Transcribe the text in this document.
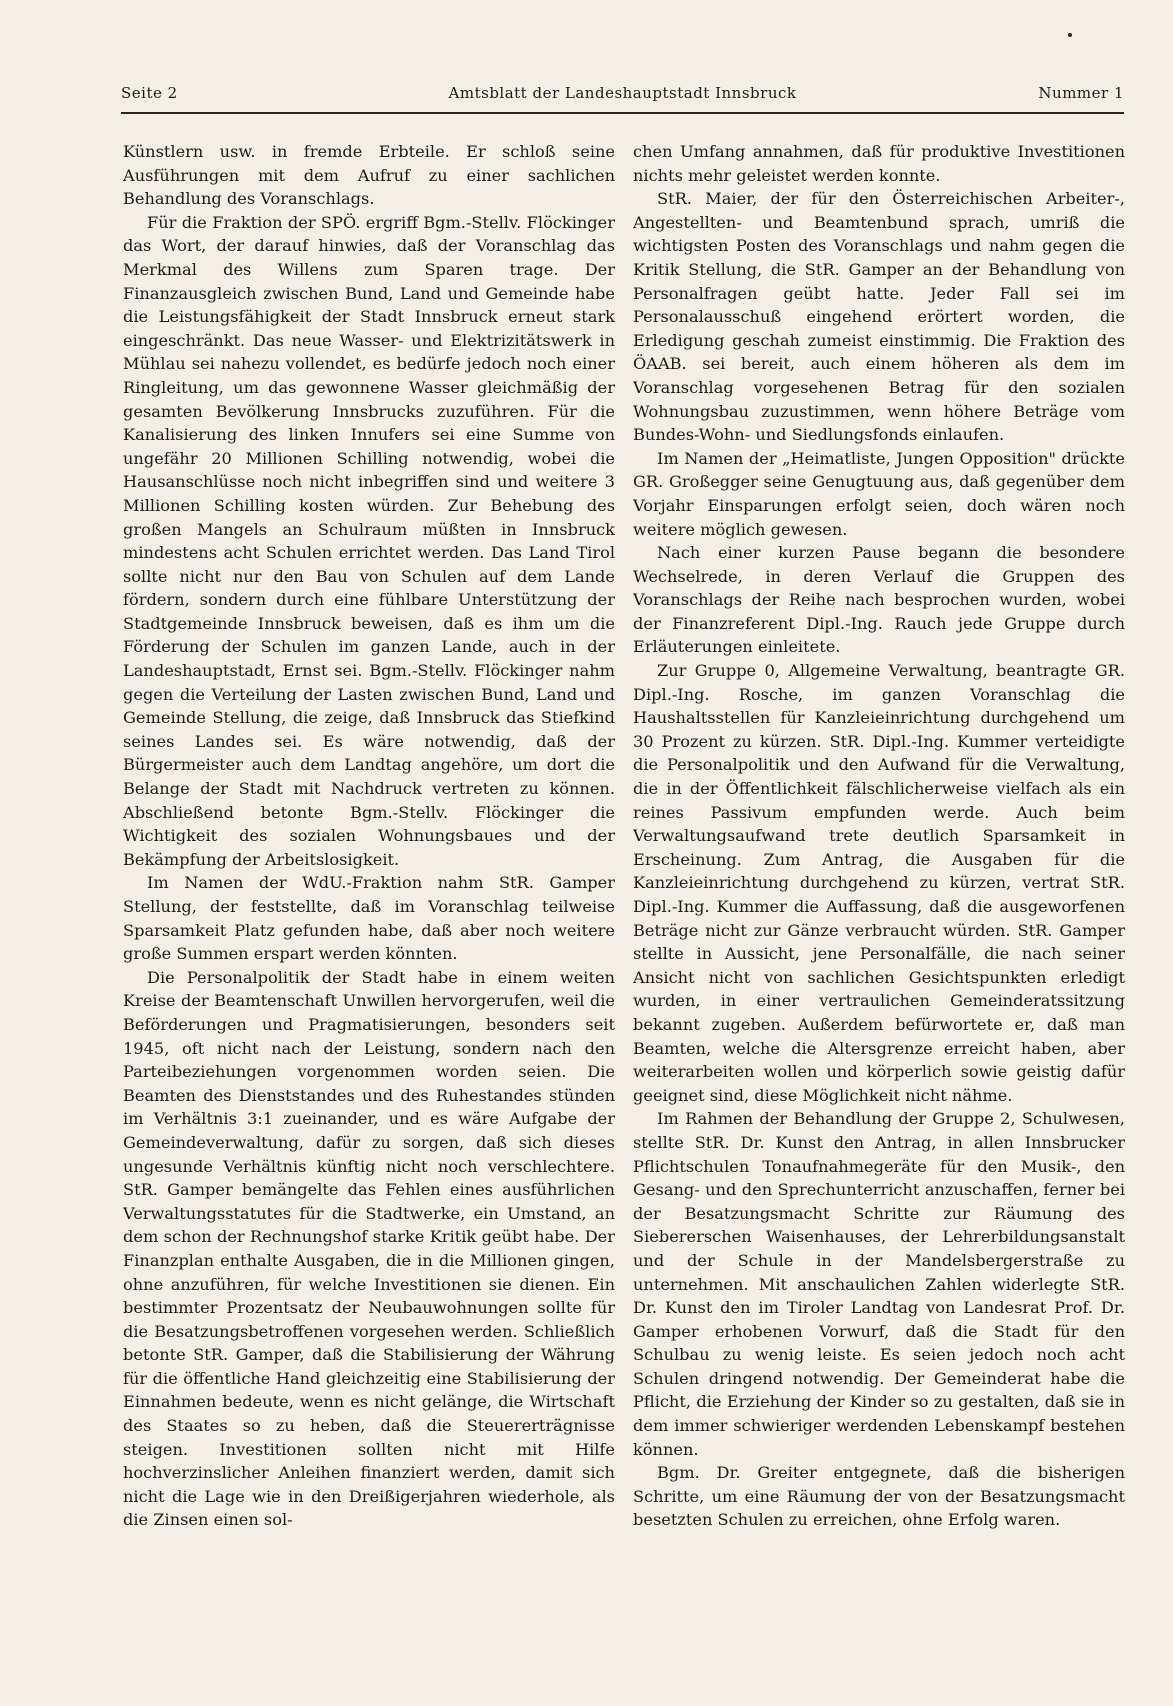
Seite 2	Amtsblatt der Landeshauptstadt Innsbruck	Nummer 1

Künstlern usw. in fremde Erbteile. Er schloß seine Ausführungen mit dem Aufruf zu einer sachlichen Behandlung des Voranschlags.

Für die Fraktion der SPÖ. ergriff Bgm.-Stellv. Flöckinger das Wort, der darauf hinwies, daß der Voranschlag das Merkmal des Willens zum Sparen trage. Der Finanzausgleich zwischen Bund, Land und Gemeinde habe die Leistungsfähigkeit der Stadt Innsbruck erneut stark eingeschränkt. Das neue Wasser- und Elektrizitätswerk in Mühlau sei nahezu vollendet, es bedürfe jedoch noch einer Ringleitung, um das gewonnene Wasser gleichmäßig der gesamten Bevölkerung Innsbrucks zuzuführen. Für die Kanalisierung des linken Innufers sei eine Summe von ungefähr 20 Millionen Schilling notwendig, wobei die Hausanschlüsse noch nicht inbegriffen sind und weitere 3 Millionen Schilling kosten würden. Zur Behebung des großen Mangels an Schulraum müßten in Innsbruck mindestens acht Schulen errichtet werden. Das Land Tirol sollte nicht nur den Bau von Schulen auf dem Lande fördern, sondern durch eine fühlbare Unterstützung der Stadtgemeinde Innsbruck beweisen, daß es ihm um die Förderung der Schulen im ganzen Lande, auch in der Landeshauptstadt, Ernst sei. Bgm.-Stellv. Flöckinger nahm gegen die Verteilung der Lasten zwischen Bund, Land und Gemeinde Stellung, die zeige, daß Innsbruck das Stiefkind seines Landes sei. Es wäre notwendig, daß der Bürgermeister auch dem Landtag angehöre, um dort die Belange der Stadt mit Nachdruck vertreten zu können. Abschließend betonte Bgm.-Stellv. Flöckinger die Wichtigkeit des sozialen Wohnungsbaues und der Bekämpfung der Arbeitslosigkeit.

Im Namen der WdU.-Fraktion nahm StR. Gamper Stellung, der feststellte, daß im Voranschlag teilweise Sparsamkeit Platz gefunden habe, daß aber noch weitere große Summen erspart werden könnten.

Die Personalpolitik der Stadt habe in einem weiten Kreise der Beamtenschaft Unwillen hervorgerufen, weil die Beförderungen und Pragmatisierungen, besonders seit 1945, oft nicht nach der Leistung, sondern nach den Parteibeziehungen vorgenommen worden seien. Die Beamten des Dienststandes und des Ruhestandes stünden im Verhältnis 3:1 zueinander, und es wäre Aufgabe der Gemeindeverwaltung, dafür zu sorgen, daß sich dieses ungesunde Verhältnis künftig nicht noch verschlechtere. StR. Gamper bemängelte das Fehlen eines ausführlichen Verwaltungsstatutes für die Stadtwerke, ein Umstand, an dem schon der Rechnungshof starke Kritik geübt habe. Der Finanzplan enthalte Ausgaben, die in die Millionen gingen, ohne anzuführen, für welche Investitionen sie dienen. Ein bestimmter Prozentsatz der Neubauwohnungen sollte für die Besatzungsbetroffenen vorgesehen werden. Schließlich betonte StR. Gamper, daß die Stabilisierung der Währung für die öffentliche Hand gleichzeitig eine Stabilisierung der Einnahmen bedeute, wenn es nicht gelänge, die Wirtschaft des Staates so zu heben, daß die Steuererträgnisse steigen. Investitionen sollten nicht mit Hilfe hochverzinslicher Anleihen finanziert werden, damit sich nicht die Lage wie in den Dreißigerjahren wiederhole, als die Zinsen einen sol-

chen Umfang annahmen, daß für produktive Investitionen nichts mehr geleistet werden konnte.

StR. Maier, der für den Österreichischen Arbeiter-, Angestellten- und Beamtenbund sprach, umriß die wichtigsten Posten des Voranschlags und nahm gegen die Kritik Stellung, die StR. Gamper an der Behandlung von Personalfragen geübt hatte. Jeder Fall sei im Personalausschuß eingehend erörtert worden, die Erledigung geschah zumeist einstimmig. Die Fraktion des ÖAAB. sei bereit, auch einem höheren als dem im Voranschlag vorgesehenen Betrag für den sozialen Wohnungsbau zuzustimmen, wenn höhere Beträge vom Bundes-Wohn- und Siedlungsfonds einlaufen.

Im Namen der „Heimatliste, Jungen Opposition" drückte GR. Großegger seine Genugtuung aus, daß gegenüber dem Vorjahr Einsparungen erfolgt seien, doch wären noch weitere möglich gewesen.

Nach einer kurzen Pause begann die besondere Wechselrede, in deren Verlauf die Gruppen des Voranschlags der Reihe nach besprochen wurden, wobei der Finanzreferent Dipl.-Ing. Rauch jede Gruppe durch Erläuterungen einleitete.

Zur Gruppe 0, Allgemeine Verwaltung, beantragte GR. Dipl.-Ing. Rosche, im ganzen Voranschlag die Haushaltsstellen für Kanzleieinrichtung durchgehend um 30 Prozent zu kürzen. StR. Dipl.-Ing. Kummer verteidigte die Personalpolitik und den Aufwand für die Verwaltung, die in der Öffentlichkeit fälschlicherweise vielfach als ein reines Passivum empfunden werde. Auch beim Verwaltungsaufwand trete deutlich Sparsamkeit in Erscheinung. Zum Antrag, die Ausgaben für die Kanzleieinrichtung durchgehend zu kürzen, vertrat StR. Dipl.-Ing. Kummer die Auffassung, daß die ausgeworfenen Beträge nicht zur Gänze verbraucht würden. StR. Gamper stellte in Aussicht, jene Personalfälle, die nach seiner Ansicht nicht von sachlichen Gesichtspunkten erledigt wurden, in einer vertraulichen Gemeinderatssitzung bekannt zugeben. Außerdem befürwortete er, daß man Beamten, welche die Altersgrenze erreicht haben, aber weiterarbeiten wollen und körperlich sowie geistig dafür geeignet sind, diese Möglichkeit nicht nähme.

Im Rahmen der Behandlung der Gruppe 2, Schulwesen, stellte StR. Dr. Kunst den Antrag, in allen Innsbrucker Pflichtschulen Tonaufnahmegeräte für den Musik-, den Gesang- und den Sprechunterricht anzuschaffen, ferner bei der Besatzungsmacht Schritte zur Räumung des Siebererschen Waisenhauses, der Lehrerbildungsanstalt und der Schule in der Mandelsbergerstraße zu unternehmen. Mit anschaulichen Zahlen widerlegte StR. Dr. Kunst den im Tiroler Landtag von Landesrat Prof. Dr. Gamper erhobenen Vorwurf, daß die Stadt für den Schulbau zu wenig leiste. Es seien jedoch noch acht Schulen dringend notwendig. Der Gemeinderat habe die Pflicht, die Erziehung der Kinder so zu gestalten, daß sie in dem immer schwieriger werdenden Lebenskampf bestehen können.

Bgm. Dr. Greiter entgegnete, daß die bisherigen Schritte, um eine Räumung der von der Besatzungsmacht besetzten Schulen zu erreichen, ohne Erfolg waren.
